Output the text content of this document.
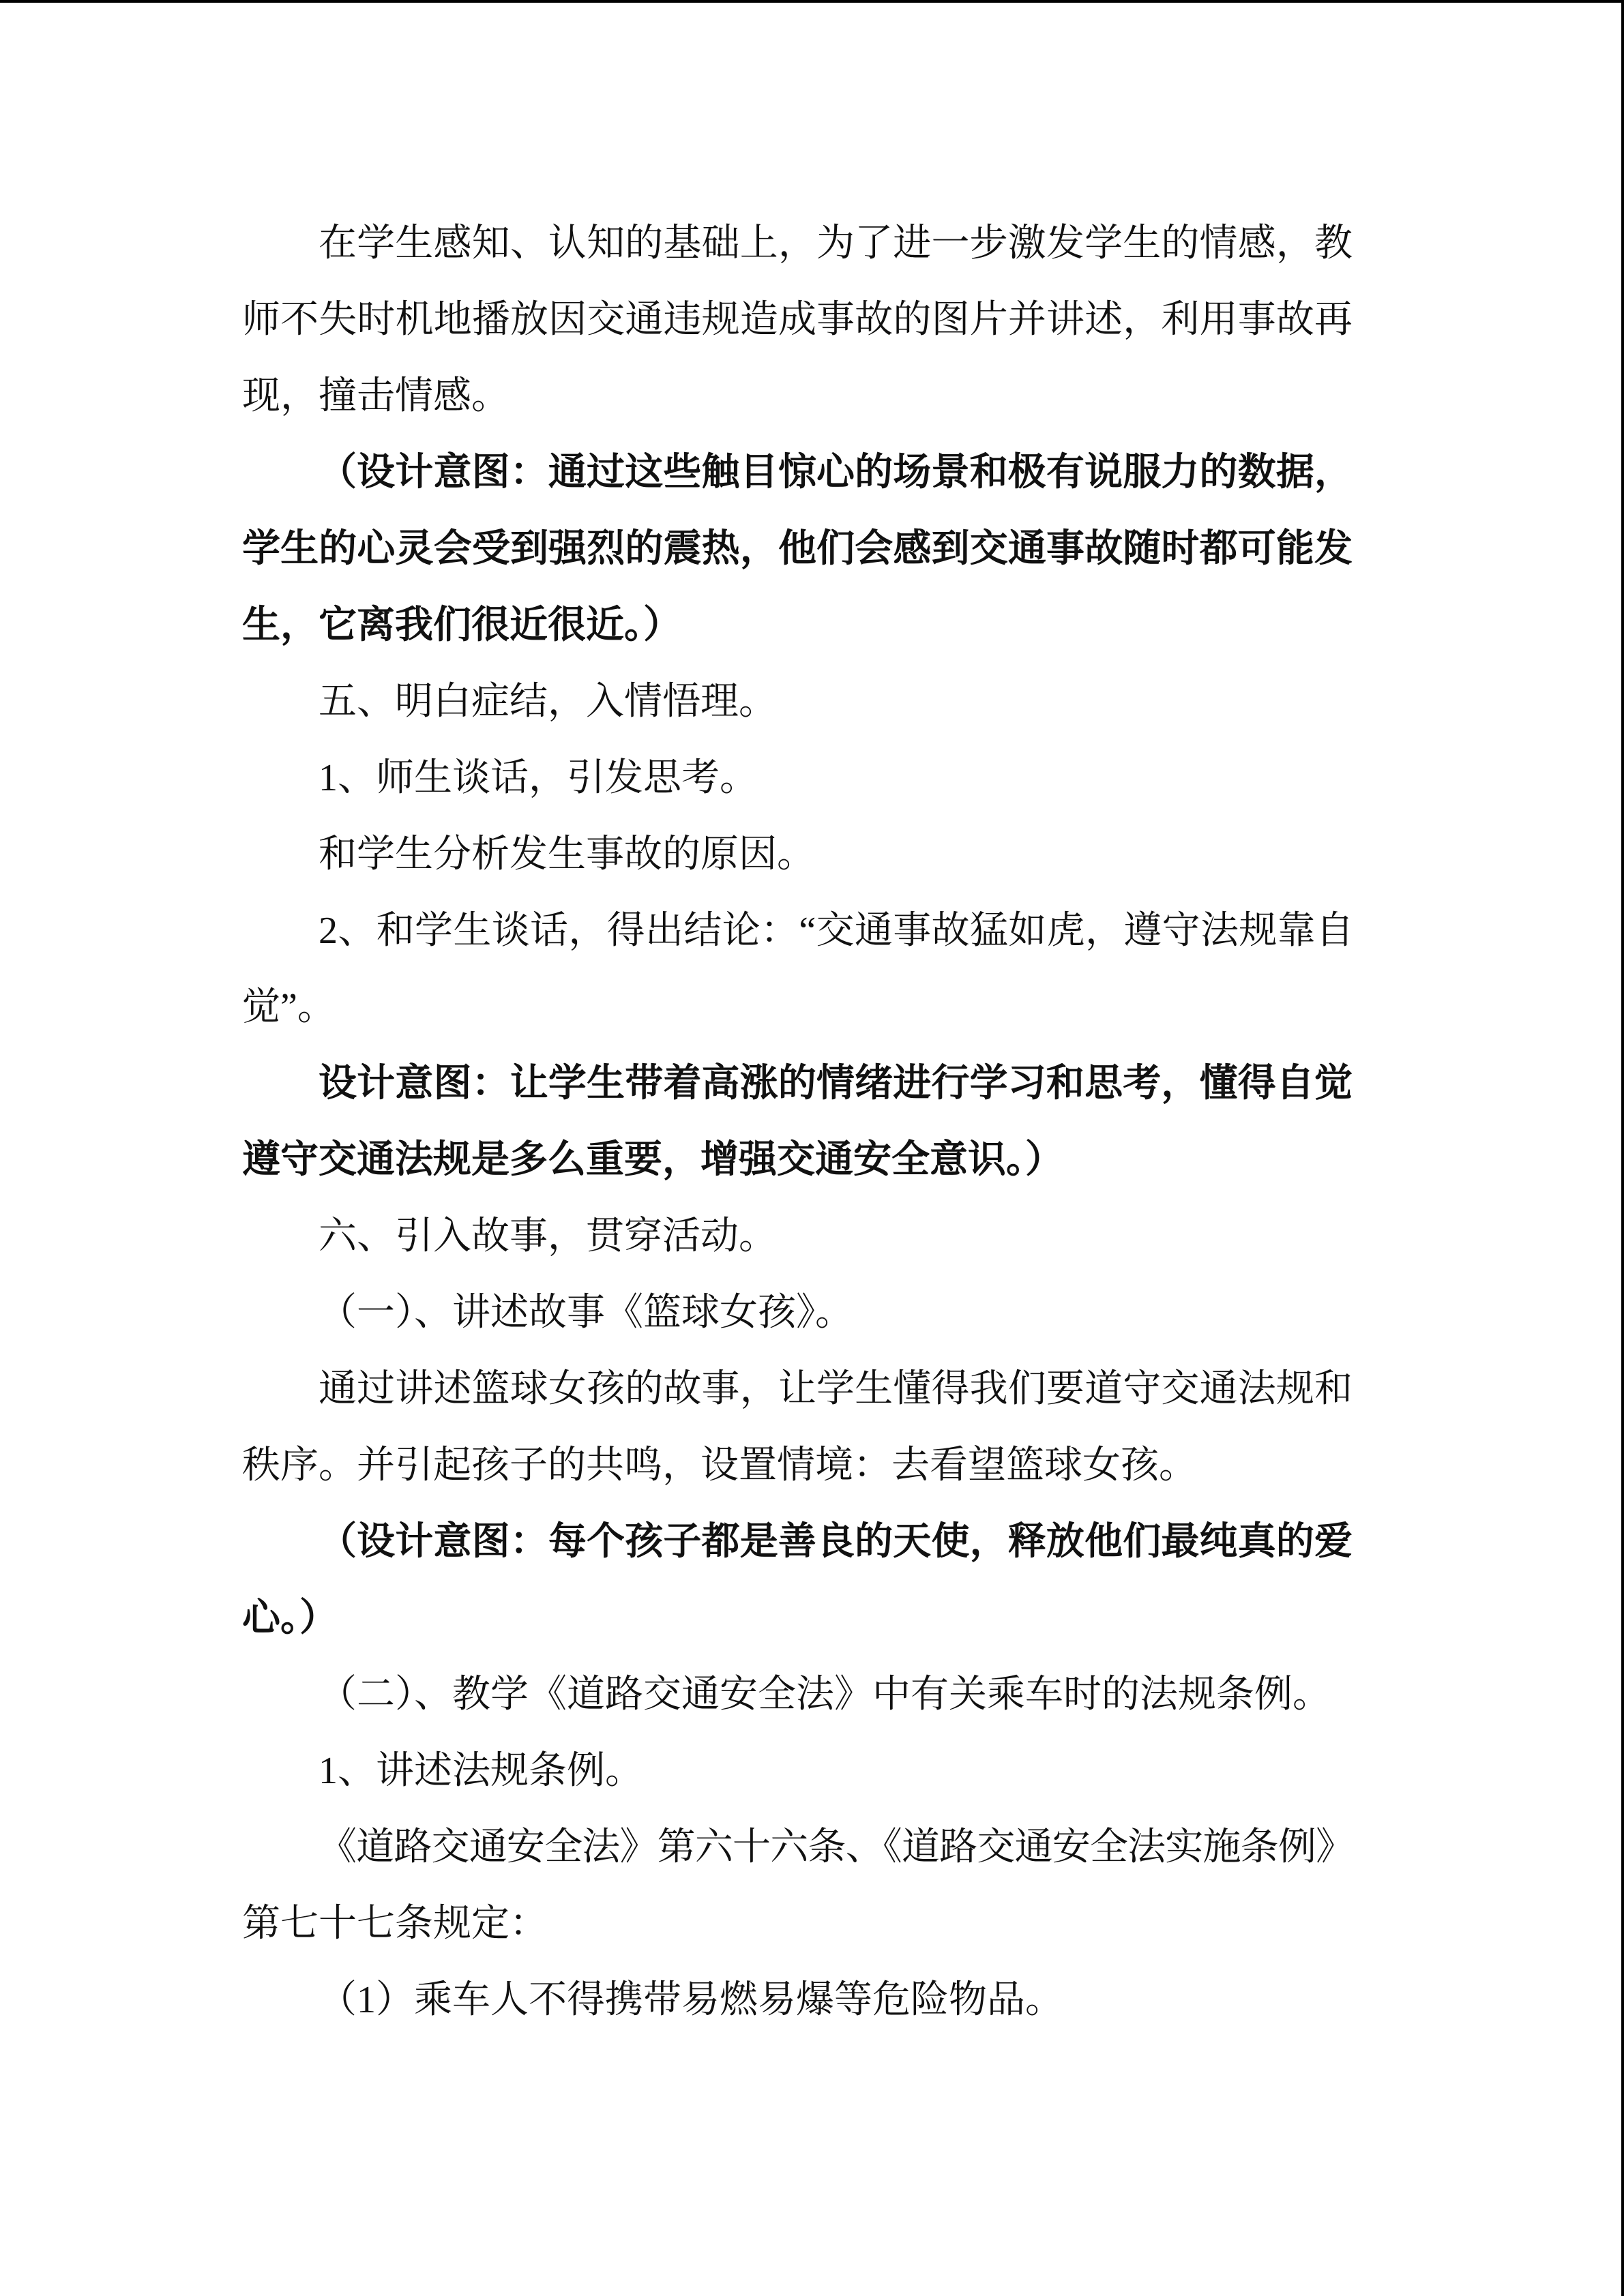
在学生感知、认知的基础上，为了进一步激发学生的情感，教
师不失时机地播放因交通违规造成事故的图片并讲述，利用事故再
现，撞击情感。
（设计意图：通过这些触目惊心的场景和极有说服力的数据，
学生的心灵会受到强烈的震热，他们会感到交通事故随时都可能发
生，它离我们很近很近。）
五、明白症结，入情悟理。
1、师生谈话，引发思考。
和学生分析发生事故的原因。
2、和学生谈话，得出结论：“交通事故猛如虎，遵守法规靠自
觉”。
设计意图：让学生带着高涨的情绪进行学习和思考，懂得自觉
遵守交通法规是多么重要，增强交通安全意识。）
六、引入故事，贯穿活动。
（一）、讲述故事《篮球女孩》。
通过讲述篮球女孩的故事，让学生懂得我们要道守交通法规和
秩序。并引起孩子的共鸣，设置情境：去看望篮球女孩。
（设计意图：每个孩子都是善良的天使，释放他们最纯真的爱
心。）
（二）、教学《道路交通安全法》中有关乘车时的法规条例。
1、讲述法规条例。
《道路交通安全法》第六十六条、《道路交通安全法实施条例》
第七十七条规定：
（1）乘车人不得携带易燃易爆等危险物品。
